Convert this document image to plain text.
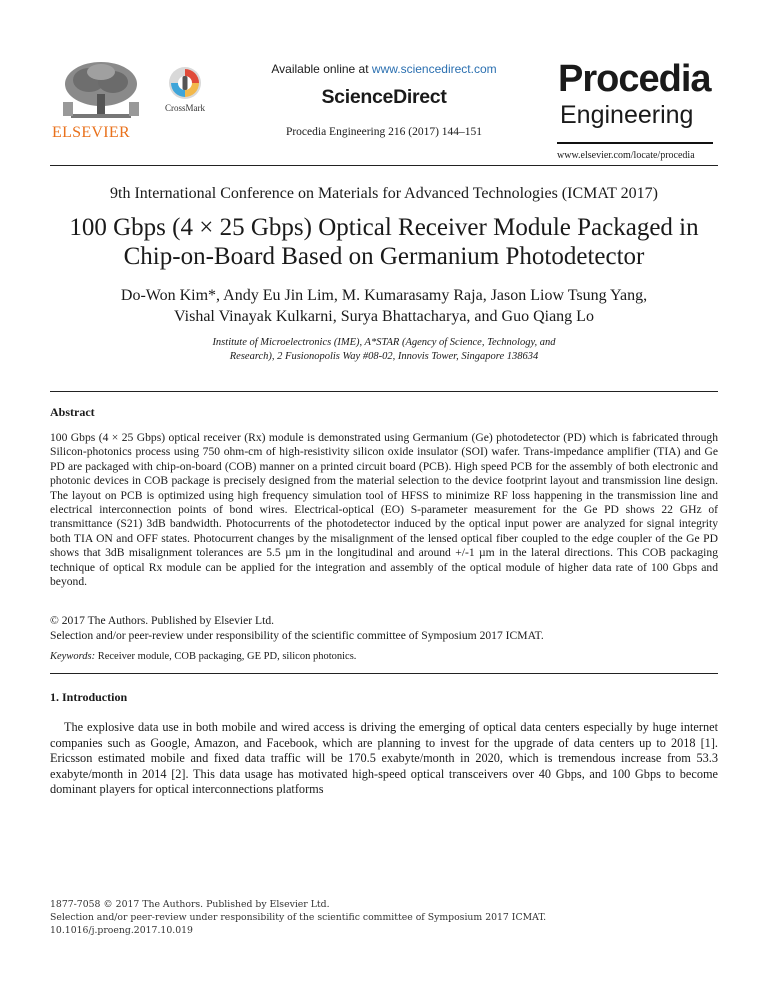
ELSEVIER
CrossMark
Available online at www.sciencedirect.com
ScienceDirect
Procedia Engineering 216 (2017) 144–151
Procedia
Engineering
www.elsevier.com/locate/procedia
9th International Conference on Materials for Advanced Technologies (ICMAT 2017)
100 Gbps (4 × 25 Gbps) Optical Receiver Module Packaged in
Chip-on-Board Based on Germanium Photodetector
Do-Won Kim*, Andy Eu Jin Lim, M. Kumarasamy Raja, Jason Liow Tsung Yang,
Vishal Vinayak Kulkarni, Surya Bhattacharya, and Guo Qiang Lo
Institute of Microelectronics (IME), A*STAR (Agency of Science, Technology, and
Research), 2 Fusionopolis Way #08-02, Innovis Tower, Singapore 138634
Abstract
100 Gbps (4 × 25 Gbps) optical receiver (Rx) module is demonstrated using Germanium (Ge) photodetector (PD) which is fabricated through Silicon-photonics process using 750 ohm-cm of high-resistivity silicon oxide insulator (SOI) wafer. Trans-impedance amplifier (TIA) and Ge PD are packaged with chip-on-board (COB) manner on a printed circuit board (PCB). High speed PCB for the assembly of both electronic and photonic devices in COB package is precisely designed from the material selection to the device footprint layout and transmission line design. The layout on PCB is optimized using high frequency simulation tool of HFSS to minimize RF loss happening in the transmission line and electrical interconnection points of bond wires. Electrical-optical (EO) S-parameter measurement for the Ge PD shows 22 GHz of transmittance (S21) 3dB bandwidth. Photocurrents of the photodetector induced by the optical input power are analyzed for signal integrity both TIA ON and OFF states. Photocurrent changes by the misalignment of the lensed optical fiber coupled to the edge coupler of the Ge PD shows that 3dB misalignment tolerances are 5.5 µm in the longitudinal and around +/-1 µm in the lateral directions. This COB packaging technique of optical Rx module can be applied for the integration and assembly of the optical module of higher data rate of 100 Gbps and beyond.
© 2017 The Authors. Published by Elsevier Ltd.
Selection and/or peer-review under responsibility of the scientific committee of Symposium 2017 ICMAT.
Keywords: Receiver module, COB packaging, GE PD, silicon photonics.
1. Introduction
The explosive data use in both mobile and wired access is driving the emerging of optical data centers especially by huge internet companies such as Google, Amazon, and Facebook, which are planning to invest for the upgrade of data centers up to 2018 [1]. Ericsson estimated mobile and fixed data traffic will be 170.5 exabyte/month in 2020, which is tremendous increase from 53.3 exabyte/month in 2014 [2]. This data usage has motivated high-speed optical transceivers over 40 Gbps, and 100 Gbps to become dominant players for optical interconnections platforms
1877-7058 © 2017 The Authors. Published by Elsevier Ltd.
Selection and/or peer-review under responsibility of the scientific committee of Symposium 2017 ICMAT.
10.1016/j.proeng.2017.10.019
